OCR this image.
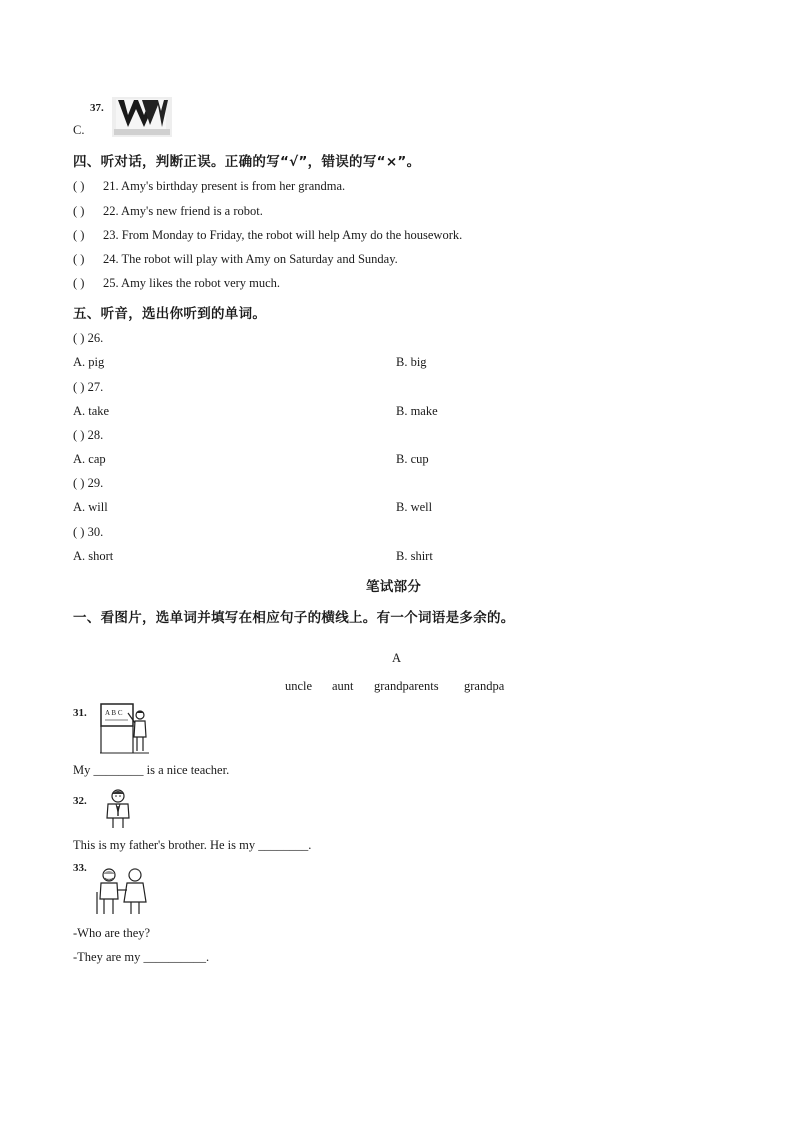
37.
C.
四、听对话，判断正误。正确的写“√”，错误的写“×”。
( ) 21. Amy's birthday present is from her grandma.
( ) 22. Amy's new friend is a robot.
( ) 23. From Monday to Friday, the robot will help Amy do the housework.
( ) 24. The robot will play with Amy on Saturday and Sunday.
( ) 25. Amy likes the robot very much.
五、听音，选出你听到的单词。
( ) 26.
A. pig	B. big
( ) 27.
A. take	B. make
( ) 28.
A. cap	B. cup
( ) 29.
A. will	B. well
( ) 30.
A. short	B. shirt
笔试部分
一、看图片，选单词并填写在相应句子的横线上。有一个词语是多余的。
A
uncle aunt grandparents grandpa
31.	A B C
My ________ is a nice teacher.
32.
This is my father's brother. He is my ________.
33.
-Who are they?
-They are my __________.
